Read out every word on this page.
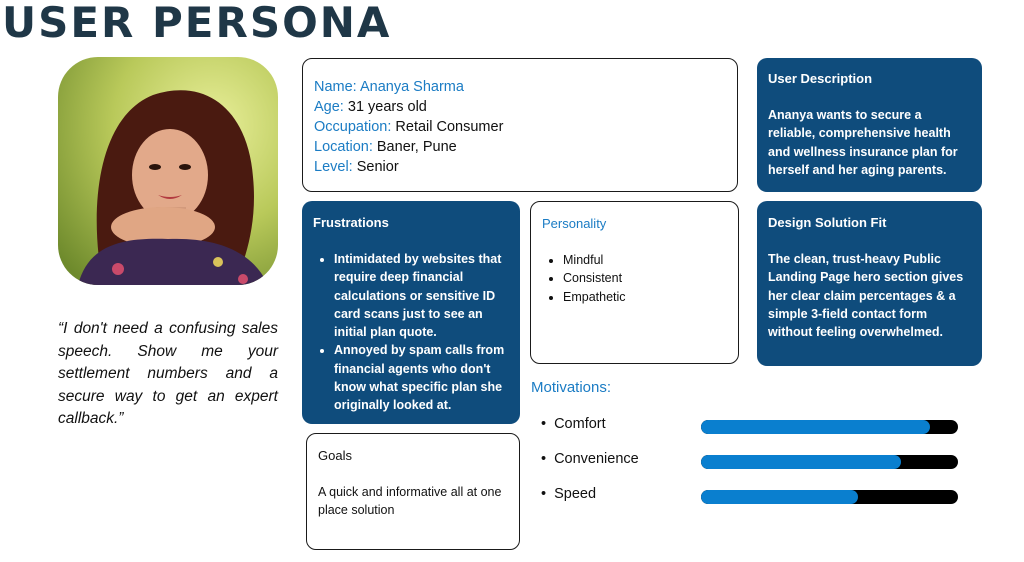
USER PERSONA
“I don't need a confusing sales speech. Show me your settlement numbers and a secure way to get an expert callback.”
Name: Ananya Sharma
Age: 31 years old
Occupation: Retail Consumer
Location: Baner, Pune
Level: Senior
User Description
Ananya wants to secure a reliable, comprehensive health and wellness insurance plan for herself and her aging parents.
Frustrations
• Intimidated by websites that require deep financial calculations or sensitive ID card scans just to see an initial plan quote.
• Annoyed by spam calls from financial agents who don't know what specific plan she originally looked at.
Personality
• Mindful
• Consistent
• Empathetic
Design Solution Fit
The clean, trust-heavy Public Landing Page hero section gives her clear claim percentages & a simple 3-field contact form without feeling overwhelmed.
Goals
A quick and informative all at one place solution
Motivations:
• Comfort
• Convenience
• Speed
